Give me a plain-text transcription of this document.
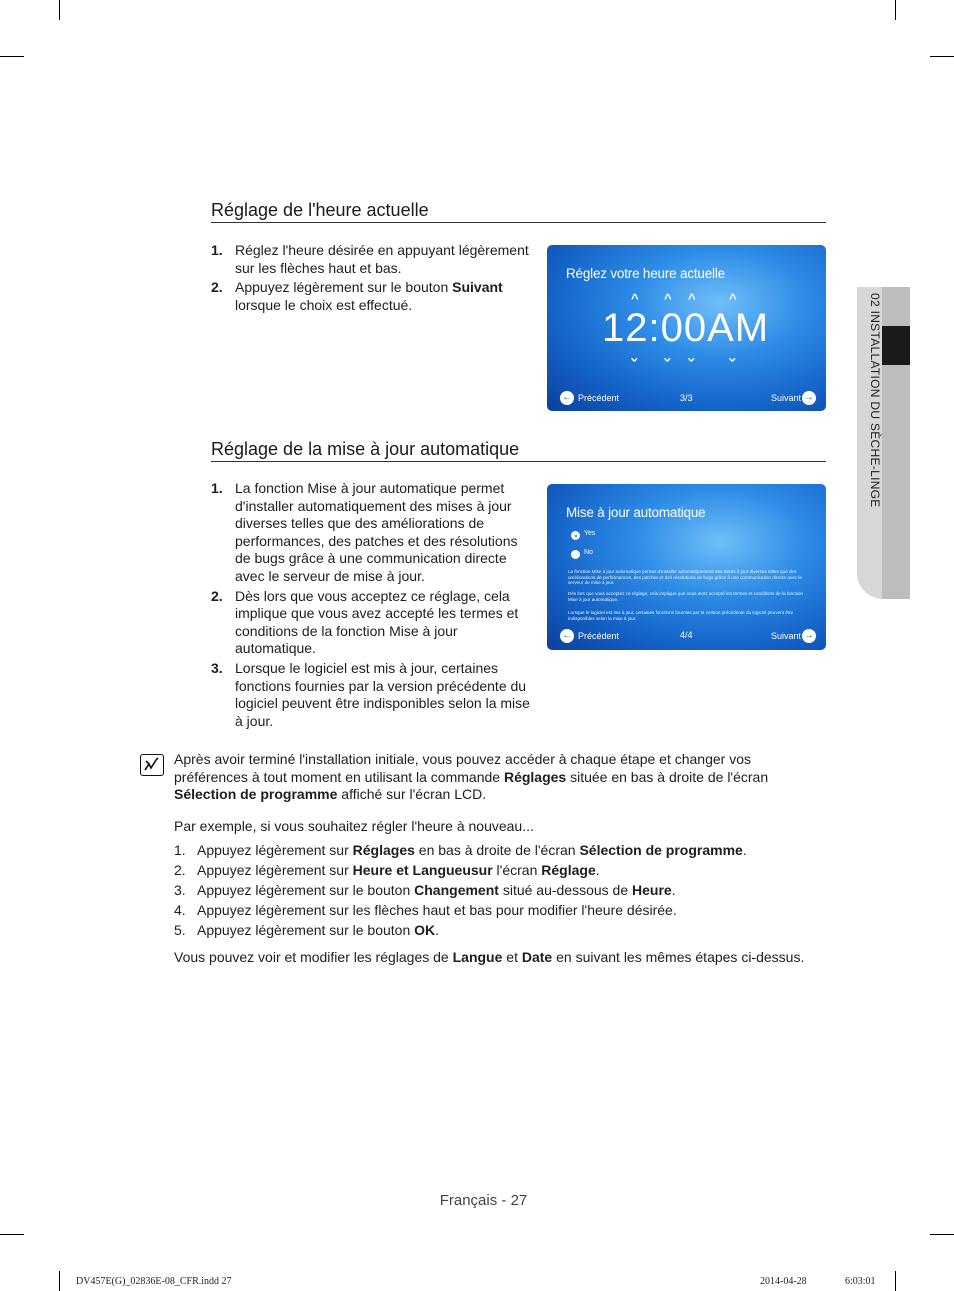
Réglage de l'heure actuelle
1. Réglez l'heure désirée en appuyant légèrement sur les flèches haut et bas.
2. Appuyez légèrement sur le bouton Suivant lorsque le choix est effectué.
Réglez votre heure actuelle
^ ^ ^	^
12:00AM
ˇ ˇ ˇ ˇ
← Précédent	3/3	Suivant →
Réglage de la mise à jour automatique
1. La fonction Mise à jour automatique permet d'installer automatiquement des mises à jour diverses telles que des améliorations de performances, des patches et des résolutions de bugs grâce à une communication directe avec le serveur de mise à jour.
2. Dès lors que vous acceptez ce réglage, cela implique que vous avez accepté les termes et conditions de la fonction Mise à jour automatique.
3. Lorsque le logiciel est mis à jour, certaines fonctions fournies par la version précédente du logiciel peuvent être indisponibles selon la mise à jour.
Mise à jour automatique
Yes
No
La fonction Mise à jour automatique permet d'installer automatiquement des mises à jour diverses telles que des améliorations de performances, des patches et des résolutions de bugs grâce à une communication directe avec le serveur de mise à jour.
Dès lors que vous acceptez ce réglage, cela implique que vous avez accepté les termes et conditions de la fonction Mise à jour automatique.
Lorsque le logiciel est mis à jour, certaines fonctions fournies par la version précédente du logiciel peuvent être indisponibles selon la mise à jour.
← Précédent	4/4	Suivant →
02 INSTALLATION DU SÈCHE-LINGE
Après avoir terminé l'installation initiale, vous pouvez accéder à chaque étape et changer vos préférences à tout moment en utilisant la commande Réglages située en bas à droite de l'écran Sélection de programme affiché sur l'écran LCD.
Par exemple, si vous souhaitez régler l'heure à nouveau...
1. Appuyez légèrement sur Réglages en bas à droite de l'écran Sélection de programme.
2. Appuyez légèrement sur Heure et Langueusur l'écran Réglage.
3. Appuyez légèrement sur le bouton Changement situé au-dessous de Heure.
4. Appuyez légèrement sur les flèches haut et bas pour modifier l'heure désirée.
5. Appuyez légèrement sur le bouton OK.
Vous pouvez voir et modifier les réglages de Langue et Date en suivant les mêmes étapes ci-dessus.
Français - 27
DV457E(G)_02836E-08_CFR.indd 27	2014-04-28	6:03:01
